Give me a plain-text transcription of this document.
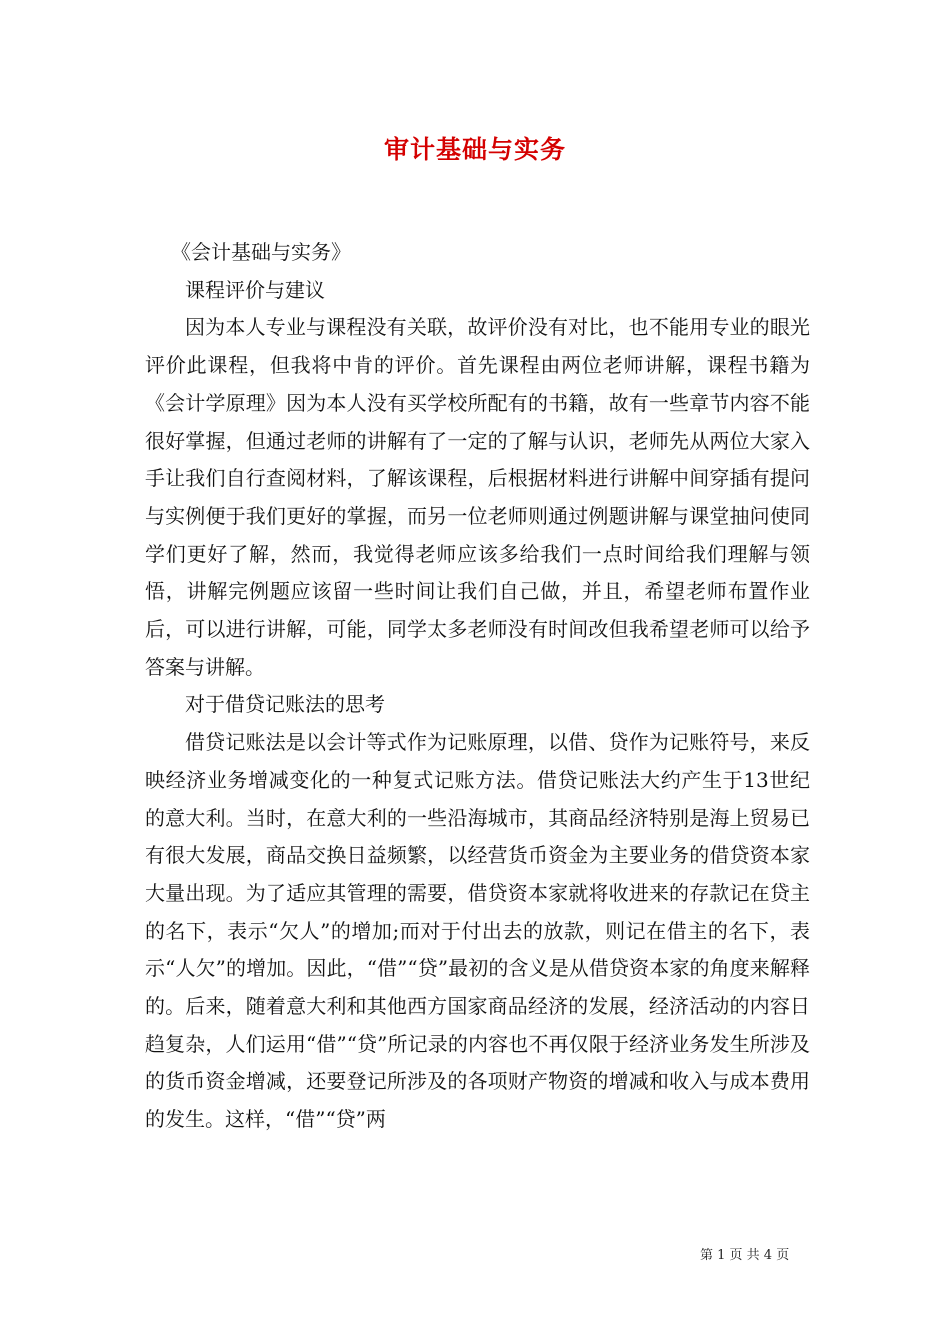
审计基础与实务

《会计基础与实务》

课程评价与建议

因为本人专业与课程没有关联，故评价没有对比，也不能用专业的眼光评价此课程，但我将中肯的评价。首先课程由两位老师讲解，课程书籍为《会计学原理》因为本人没有买学校所配有的书籍，故有一些章节内容不能很好掌握，但通过老师的讲解有了一定的了解与认识，老师先从两位大家入手让我们自行查阅材料，了解该课程，后根据材料进行讲解中间穿插有提问与实例便于我们更好的掌握，而另一位老师则通过例题讲解与课堂抽问使同学们更好了解，然而，我觉得老师应该多给我们一点时间给我们理解与领悟，讲解完例题应该留一些时间让我们自己做，并且，希望老师布置作业后，可以进行讲解，可能，同学太多老师没有时间改但我希望老师可以给予答案与讲解。

对于借贷记账法的思考

借贷记账法是以会计等式作为记账原理，以借、贷作为记账符号，来反映经济业务增减变化的一种复式记账方法。借贷记账法大约产生于13世纪的意大利。当时，在意大利的一些沿海城市，其商品经济特别是海上贸易已有很大发展，商品交换日益频繁，以经营货币资金为主要业务的借贷资本家大量出现。为了适应其管理的需要，借贷资本家就将收进来的存款记在贷主的名下，表示“欠人”的增加;而对于付出去的放款，则记在借主的名下，表示“人欠”的增加。因此，“借”“贷”最初的含义是从借贷资本家的角度来解释的。后来，随着意大利和其他西方国家商品经济的发展，经济活动的内容日趋复杂，人们运用“借”“贷”所记录的内容也不再仅限于经济业务发生所涉及的货币资金增减，还要登记所涉及的各项财产物资的增减和收入与成本费用的发生。这样，“借”“贷”两

第 1 页 共 4 页
